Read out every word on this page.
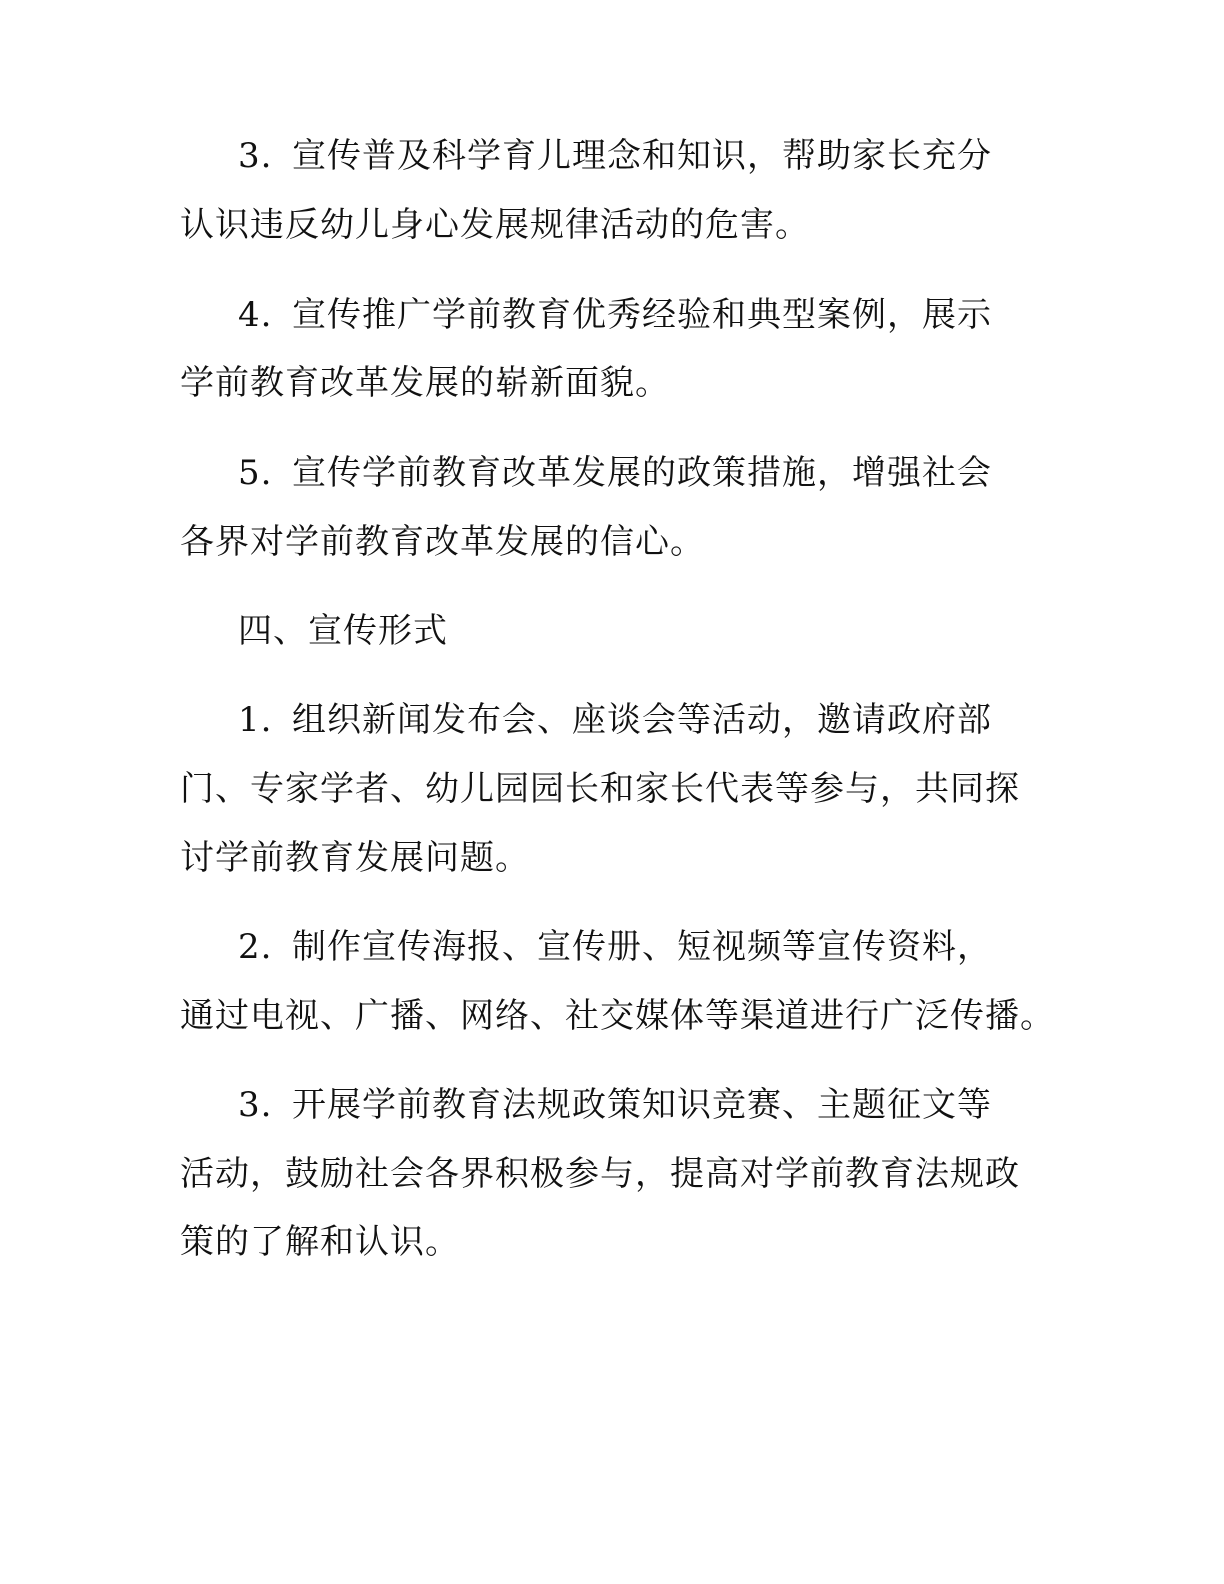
3. 宣传普及科学育儿理念和知识，帮助家长充分
认识违反幼儿身心发展规律活动的危害。
4. 宣传推广学前教育优秀经验和典型案例，展示
学前教育改革发展的崭新面貌。
5. 宣传学前教育改革发展的政策措施，增强社会
各界对学前教育改革发展的信心。
四、宣传形式
1. 组织新闻发布会、座谈会等活动，邀请政府部
门、专家学者、幼儿园园长和家长代表等参与，共同探
讨学前教育发展问题。
2. 制作宣传海报、宣传册、短视频等宣传资料，
通过电视、广播、网络、社交媒体等渠道进行广泛传播。
3. 开展学前教育法规政策知识竞赛、主题征文等
活动，鼓励社会各界积极参与，提高对学前教育法规政
策的了解和认识。
